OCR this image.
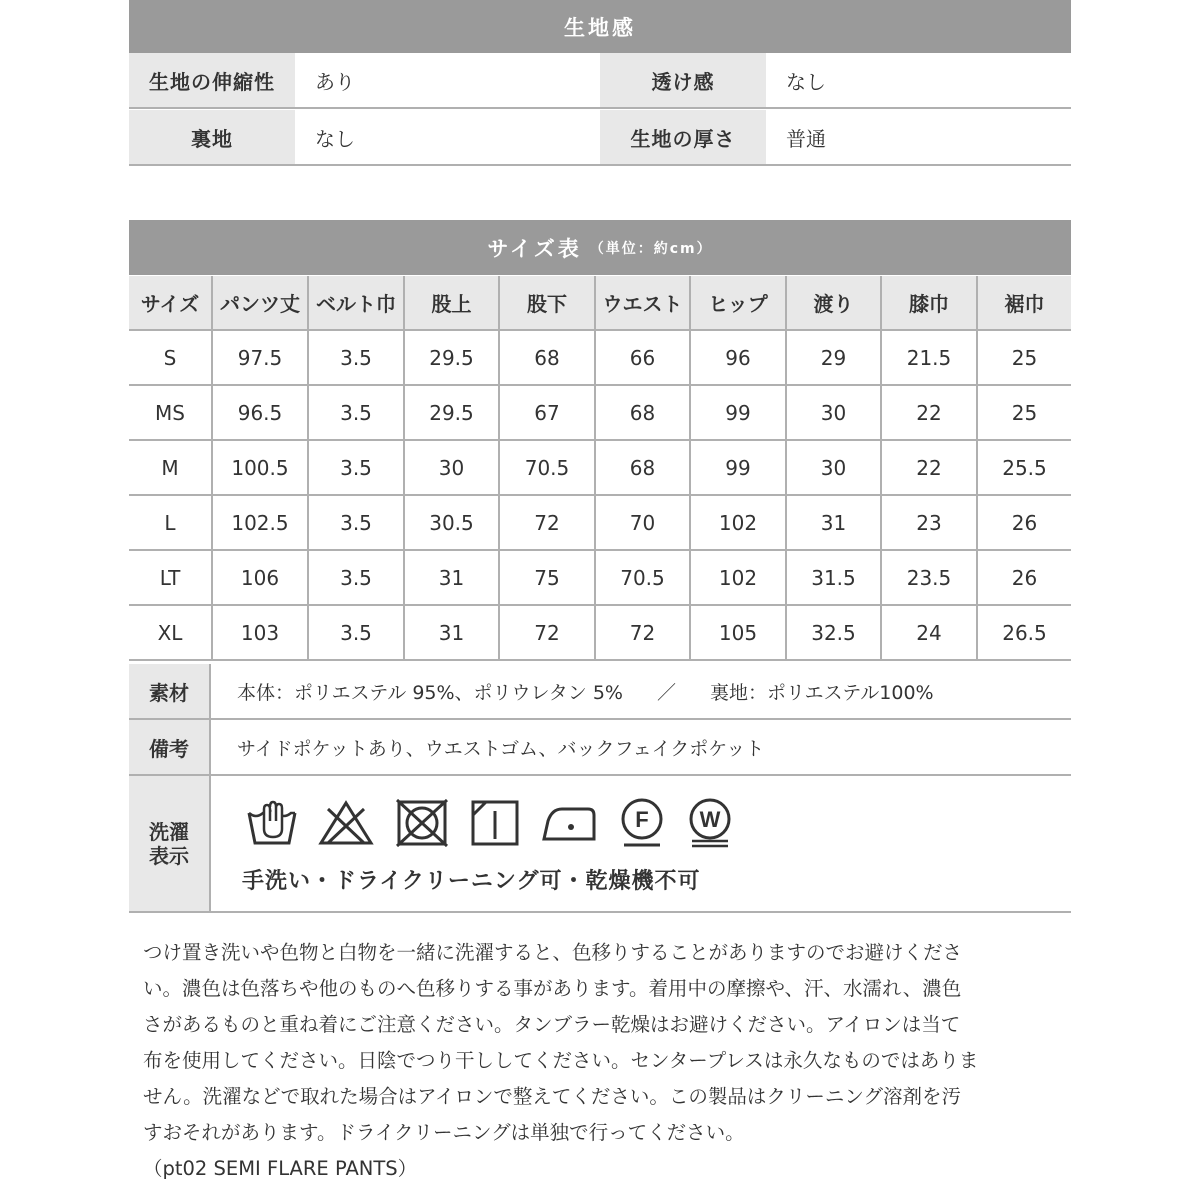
生地感
生地の伸縮性	あり	透け感	なし
裏地	なし	生地の厚さ	普通
サイズ表 （単位：約cm）
サイズ	パンツ丈	ベルト巾	股上	股下	ウエスト	ヒップ	渡り	膝巾	裾巾
S	97.5	3.5	29.5	68	66	96	29	21.5	25
MS	96.5	3.5	29.5	67	68	99	30	22	25
M	100.5	3.5	30	70.5	68	99	30	22	25.5
L	102.5	3.5	30.5	72	70	102	31	23	26
LT	106	3.5	31	75	70.5	102	31.5	23.5	26
XL	103	3.5	31	72	72	105	32.5	24	26.5
素材	本体：ポリエステル 95%、ポリウレタン 5% ／ 裏地：ポリエステル100%
備考	サイドポケットあり、ウエストゴム、バックフェイクポケット
洗濯
表示
F W
手洗い・ドライクリーニング可・乾燥機不可
つけ置き洗いや色物と白物を一緒に洗濯すると、色移りすることがありますのでお避けくださ
い。濃色は色落ちや他のものへ色移りする事があります。着用中の摩擦や、汗、水濡れ、濃色
さがあるものと重ね着にご注意ください。タンブラー乾燥はお避けください。アイロンは当て
布を使用してください。日陰でつり干ししてください。センタープレスは永久なものではありま
せん。洗濯などで取れた場合はアイロンで整えてください。この製品はクリーニング溶剤を汚
すおそれがあります。ドライクリーニングは単独で行ってください。
（pt02 SEMI FLARE PANTS）
